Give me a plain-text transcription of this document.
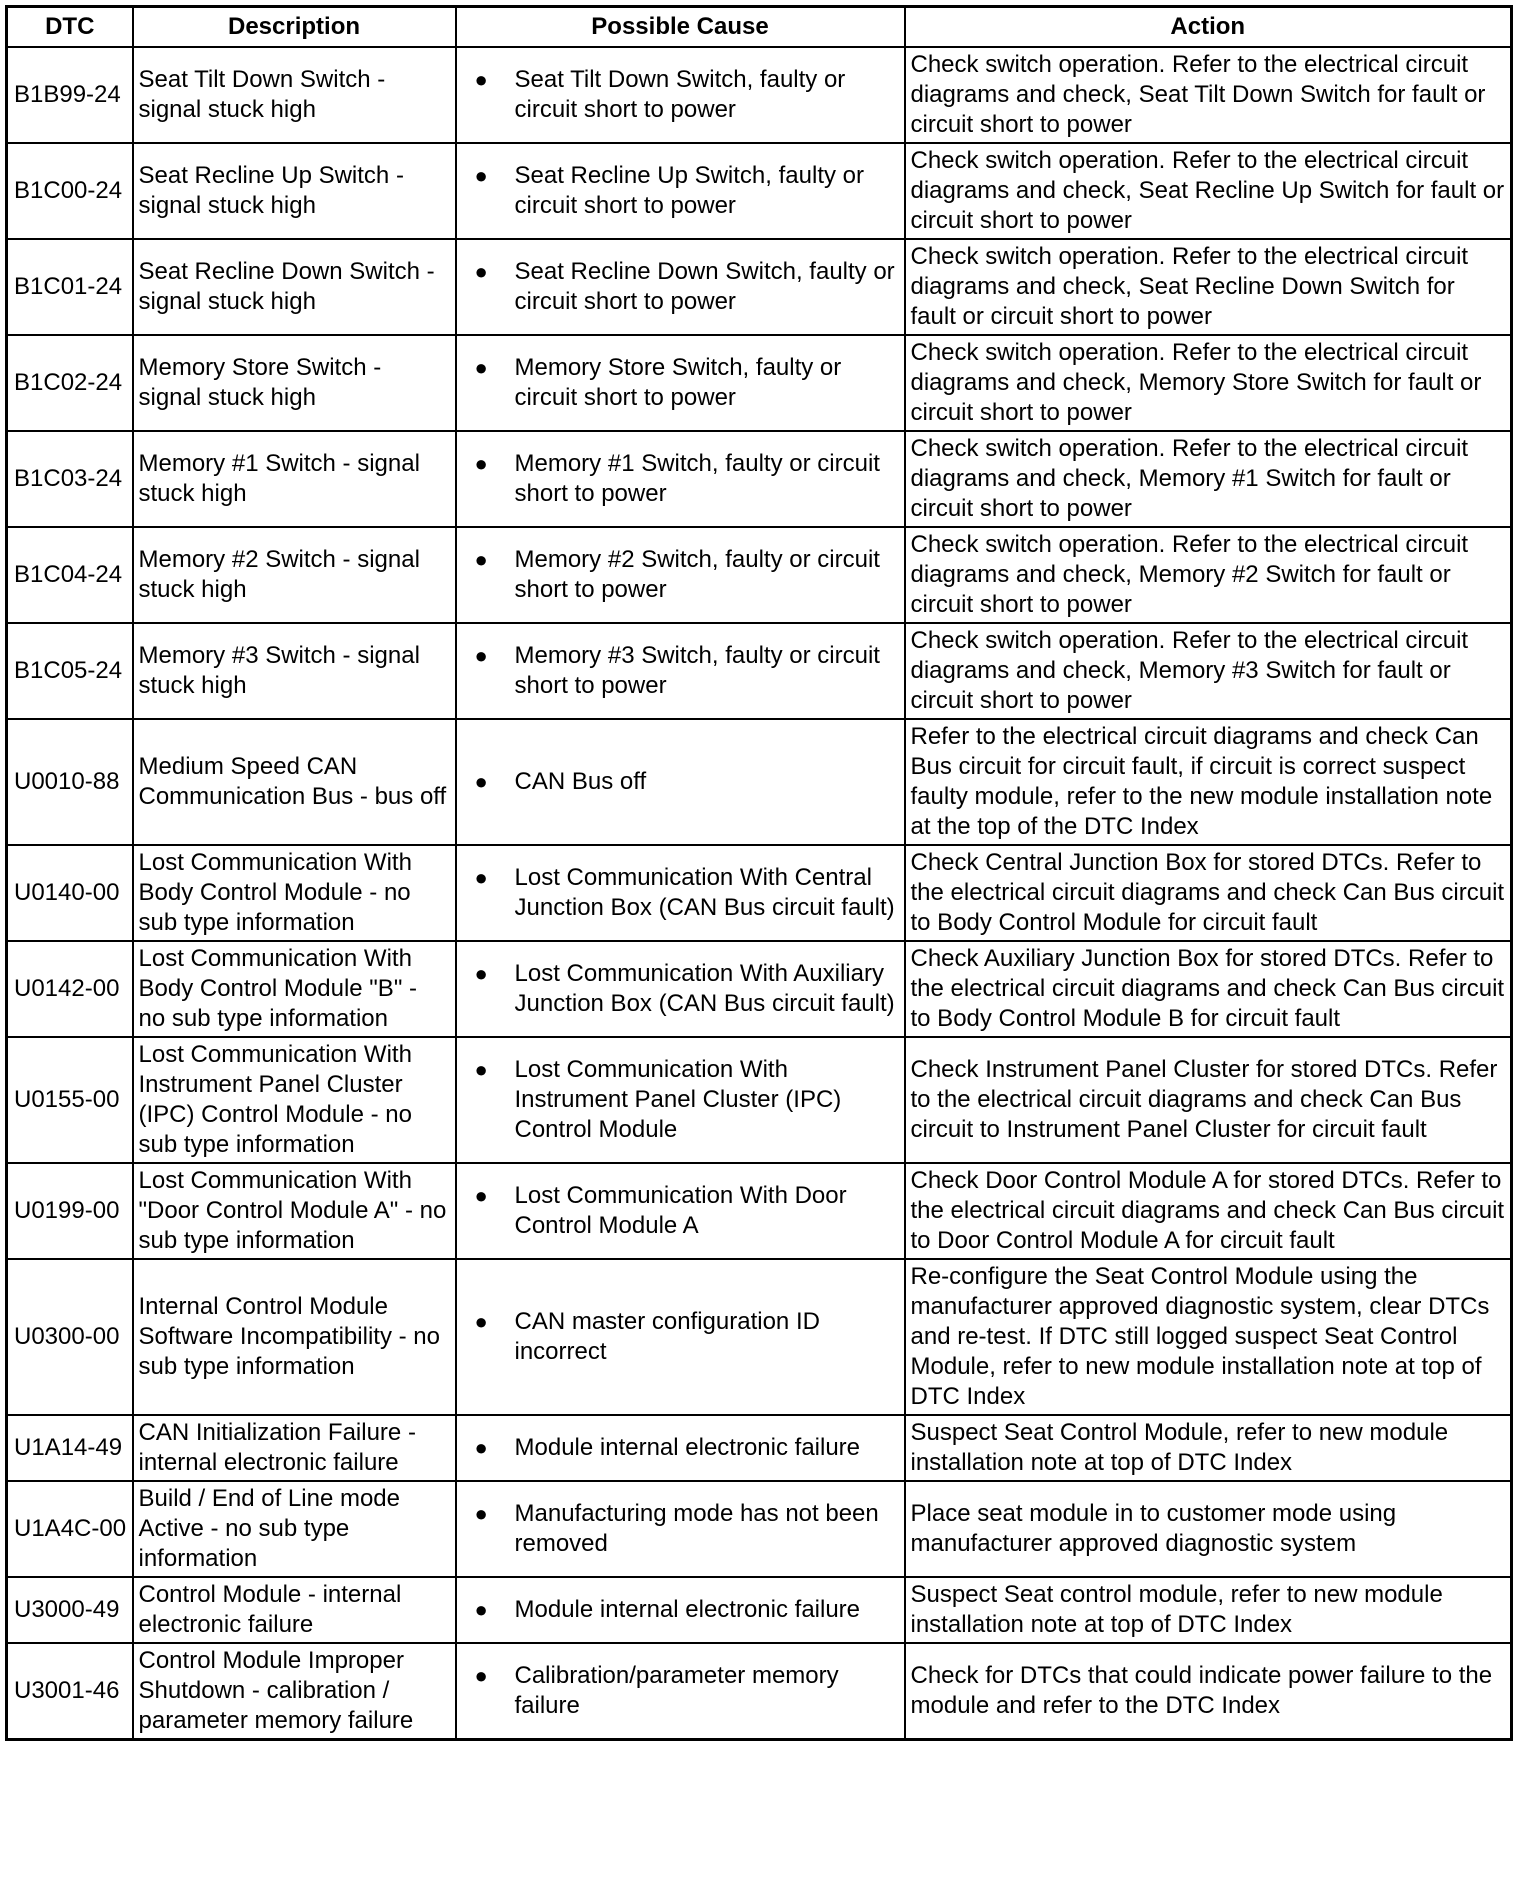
DTC	Description	Possible Cause	Action
B1B99-24	Seat Tilt Down Switch - signal stuck high	● Seat Tilt Down Switch, faulty or circuit short to power	Check switch operation. Refer to the electrical circuit diagrams and check, Seat Tilt Down Switch for fault or circuit short to power
B1C00-24	Seat Recline Up Switch - signal stuck high	● Seat Recline Up Switch, faulty or circuit short to power	Check switch operation. Refer to the electrical circuit diagrams and check, Seat Recline Up Switch for fault or circuit short to power
B1C01-24	Seat Recline Down Switch - signal stuck high	● Seat Recline Down Switch, faulty or circuit short to power	Check switch operation. Refer to the electrical circuit diagrams and check, Seat Recline Down Switch for fault or circuit short to power
B1C02-24	Memory Store Switch - signal stuck high	● Memory Store Switch, faulty or circuit short to power	Check switch operation. Refer to the electrical circuit diagrams and check, Memory Store Switch for fault or circuit short to power
B1C03-24	Memory #1 Switch - signal stuck high	● Memory #1 Switch, faulty or circuit short to power	Check switch operation. Refer to the electrical circuit diagrams and check, Memory #1 Switch for fault or circuit short to power
B1C04-24	Memory #2 Switch - signal stuck high	● Memory #2 Switch, faulty or circuit short to power	Check switch operation. Refer to the electrical circuit diagrams and check, Memory #2 Switch for fault or circuit short to power
B1C05-24	Memory #3 Switch - signal stuck high	● Memory #3 Switch, faulty or circuit short to power	Check switch operation. Refer to the electrical circuit diagrams and check, Memory #3 Switch for fault or circuit short to power
U0010-88	Medium Speed CAN Communication Bus - bus off	● CAN Bus off	Refer to the electrical circuit diagrams and check Can Bus circuit for circuit fault, if circuit is correct suspect faulty module, refer to the new module installation note at the top of the DTC Index
U0140-00	Lost Communication With Body Control Module - no sub type information	● Lost Communication With Central Junction Box (CAN Bus circuit fault)	Check Central Junction Box for stored DTCs. Refer to the electrical circuit diagrams and check Can Bus circuit to Body Control Module for circuit fault
U0142-00	Lost Communication With Body Control Module "B" - no sub type information	● Lost Communication With Auxiliary Junction Box (CAN Bus circuit fault)	Check Auxiliary Junction Box for stored DTCs. Refer to the electrical circuit diagrams and check Can Bus circuit to Body Control Module B for circuit fault
U0155-00	Lost Communication With Instrument Panel Cluster (IPC) Control Module - no sub type information	● Lost Communication With Instrument Panel Cluster (IPC) Control Module	Check Instrument Panel Cluster for stored DTCs. Refer to the electrical circuit diagrams and check Can Bus circuit to Instrument Panel Cluster for circuit fault
U0199-00	Lost Communication With "Door Control Module A" - no sub type information	● Lost Communication With Door Control Module A	Check Door Control Module A for stored DTCs. Refer to the electrical circuit diagrams and check Can Bus circuit to Door Control Module A for circuit fault
U0300-00	Internal Control Module Software Incompatibility - no sub type information	● CAN master configuration ID incorrect	Re-configure the Seat Control Module using the manufacturer approved diagnostic system, clear DTCs and re-test. If DTC still logged suspect Seat Control Module, refer to new module installation note at top of DTC Index
U1A14-49	CAN Initialization Failure - internal electronic failure	● Module internal electronic failure	Suspect Seat Control Module, refer to new module installation note at top of DTC Index
U1A4C-00	Build / End of Line mode Active - no sub type information	● Manufacturing mode has not been removed	Place seat module in to customer mode using manufacturer approved diagnostic system
U3000-49	Control Module - internal electronic failure	● Module internal electronic failure	Suspect Seat control module, refer to new module installation note at top of DTC Index
U3001-46	Control Module Improper Shutdown - calibration / parameter memory failure	● Calibration/parameter memory failure	Check for DTCs that could indicate power failure to the module and refer to the DTC Index
